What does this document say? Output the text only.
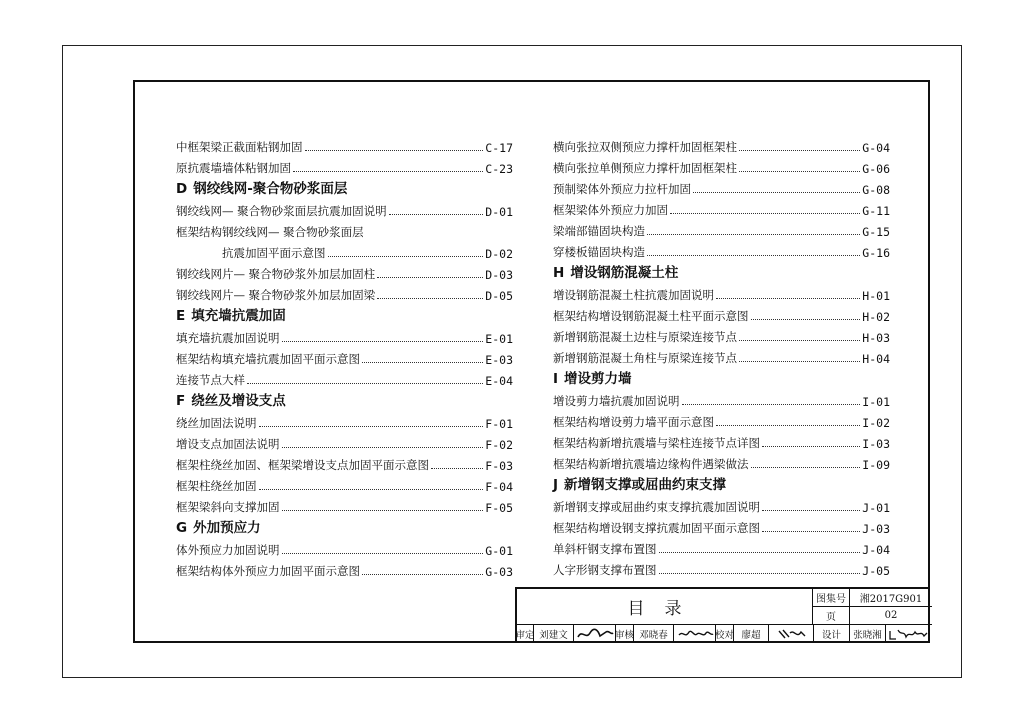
中框架梁正截面粘钢加固	C-17
原抗震墙墙体粘钢加固	C-23
D 钢绞线网-聚合物砂浆面层
钢绞线网— 聚合物砂浆面层抗震加固说明	D-01
框架结构钢绞线网— 聚合物砂浆面层
抗震加固平面示意图	D-02
钢绞线网片— 聚合物砂浆外加层加固柱	D-03
钢绞线网片— 聚合物砂浆外加层加固梁	D-05
E 填充墙抗震加固
填充墙抗震加固说明	E-01
框架结构填充墙抗震加固平面示意图	E-03
连接节点大样	E-04
F 绕丝及增设支点
绕丝加固法说明	F-01
增设支点加固法说明	F-02
框架柱绕丝加固、框架梁增设支点加固平面示意图	F-03
框架柱绕丝加固	F-04
框架梁斜向支撑加固	F-05
G 外加预应力
体外预应力加固说明	G-01
框架结构体外预应力加固平面示意图	G-03
横向张拉双侧预应力撑杆加固框架柱	G-04
横向张拉单侧预应力撑杆加固框架柱	G-06
预制梁体外预应力拉杆加固	G-08
框架梁体外预应力加固	G-11
梁端部锚固块构造	G-15
穿楼板锚固块构造	G-16
H 增设钢筋混凝土柱
增设钢筋混凝土柱抗震加固说明	H-01
框架结构增设钢筋混凝土柱平面示意图	H-02
新增钢筋混凝土边柱与原梁连接节点	H-03
新增钢筋混凝土角柱与原梁连接节点	H-04
I 增设剪力墙
增设剪力墙抗震加固说明	I-01
框架结构增设剪力墙平面示意图	I-02
框架结构新增抗震墙与梁柱连接节点详图	I-03
框架结构新增抗震墙边缘构件遇梁做法	I-09
J 新增钢支撑或屈曲约束支撑
新增钢支撑或屈曲约束支撑抗震加固说明	J-01
框架结构增设钢支撑抗震加固平面示意图	J-03
单斜杆钢支撑布置图	J-04
人字形钢支撑布置图	J-05
目录	图集号	湘2017G901
页	02
审定 刘建文	审核 邓晓春	校对 廖超	设计	张晓湘
